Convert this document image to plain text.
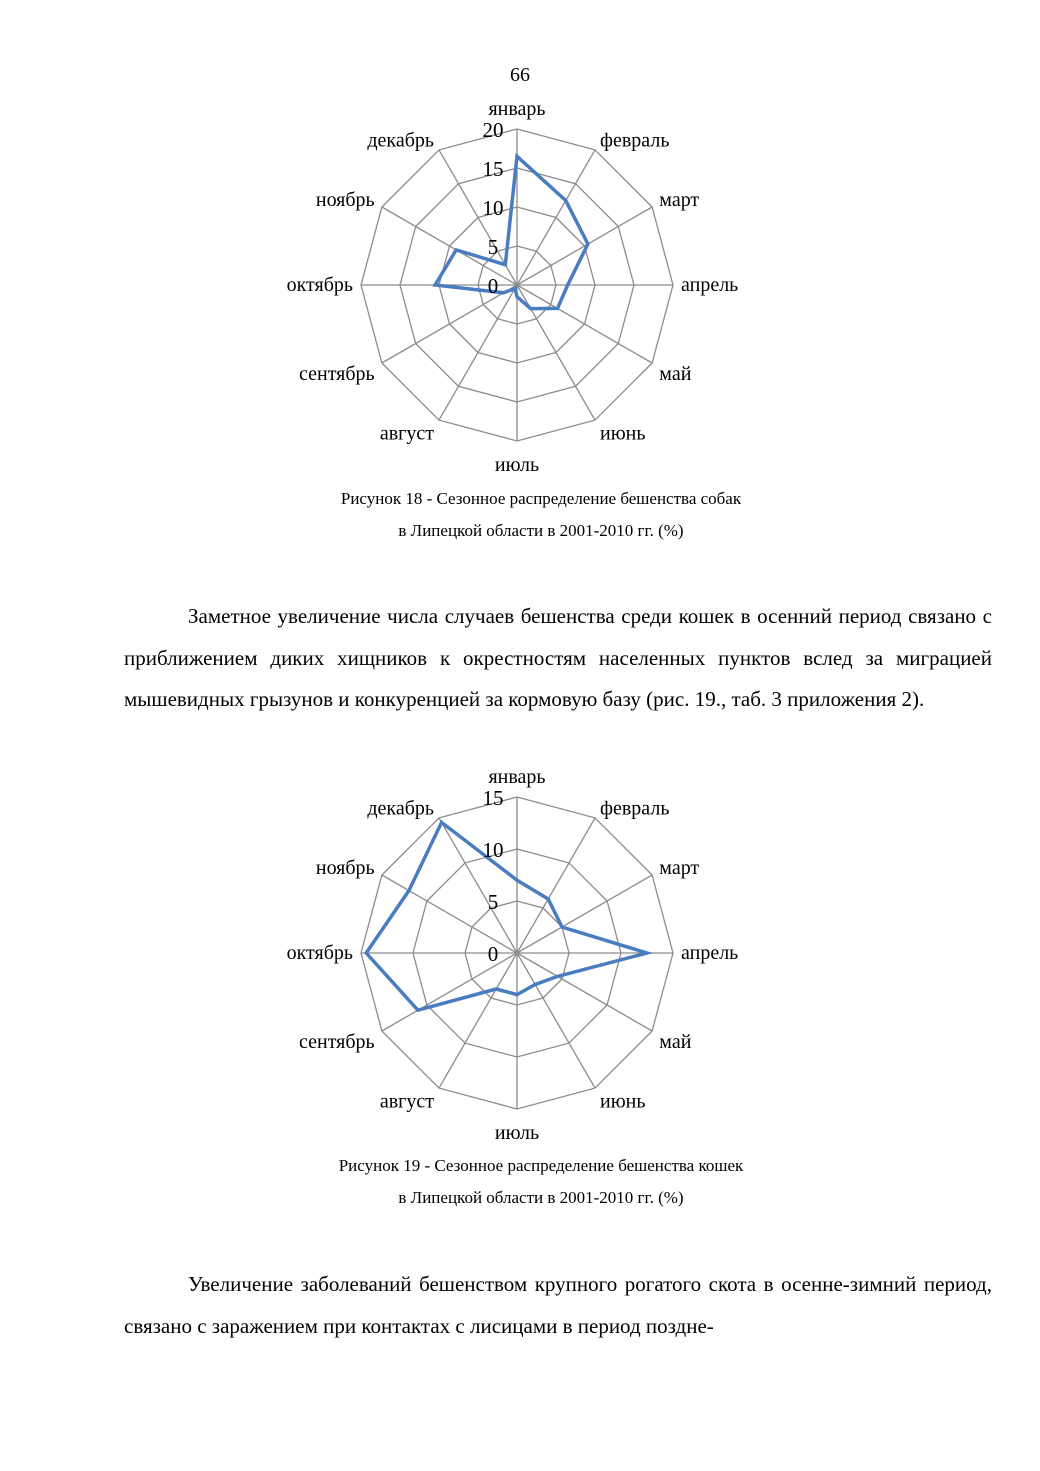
66
0
5
10
15
20
январь
февраль
март
апрель
май
июнь
июль
август
сентябрь
октябрь
ноябрь
декабрь
Рисунок 18 - Сезонное распределение бешенства собак
в Липецкой области в 2001-2010 гг. (%)

Заметное увеличение числа случаев бешенства среди кошек в осенний период связано с приближением диких хищников к окрестностям населенных пунктов вслед за миграцией мышевидных грызунов и конкуренцией за кормовую базу (рис. 19., таб. 3 приложения 2).

0
5
10
15
январь
февраль
март
апрель
май
июнь
июль
август
сентябрь
октябрь
ноябрь
декабрь
Рисунок 19 - Сезонное распределение бешенства кошек
в Липецкой области в 2001-2010 гг. (%)

Увеличение заболеваний бешенством крупного рогатого скота в осенне-зимний период, связано с заражением при контактах с лисицами в период поздне-
